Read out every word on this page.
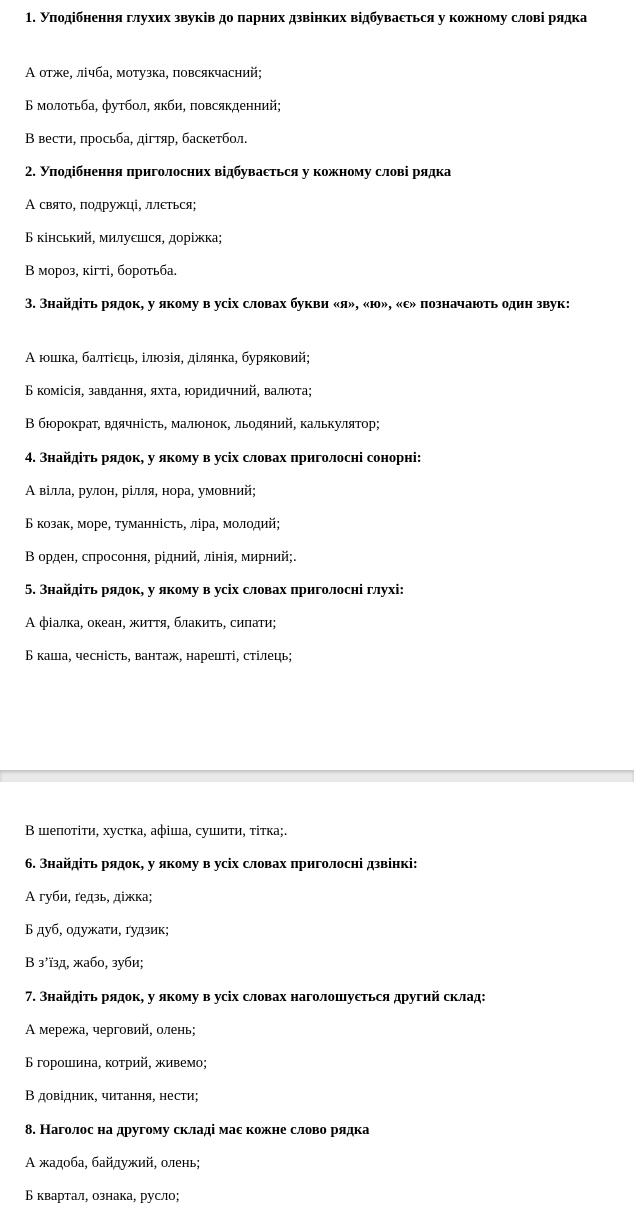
1. Уподібнення глухих звуків до парних дзвінких відбувається у кожному слові рядка
А отже, лічба, мотузка, повсякчасний;
Б молотьба, футбол, якби, повсякденний;
В вести, просьба, дігтяр, баскетбол.
2. Уподібнення приголосних відбувається у кожному слові рядка
А свято, подружці, ллється;
Б кінський, милуєшся, доріжка;
В мороз, кігті, боротьба.
3. Знайдіть рядок, у якому в усіх словах букви «я», «ю», «є» позначають один звук:
А юшка, балтієць, ілюзія, ділянка, буряковий;
Б комісія, завдання, яхта, юридичний, валюта;
В бюрократ, вдячність, малюнок, льодяний, калькулятор;
4. Знайдіть рядок, у якому в усіх словах приголосні сонорні:
А вілла, рулон, рілля, нора, умовний;
Б козак, море, туманність, ліра, молодий;
В орден, спросоння, рідний, лінія, мирний;.
5. Знайдіть рядок, у якому в усіх словах приголосні глухі:
А фіалка, океан, життя, блакить, сипати;
Б каша, чесність, вантаж, нарешті, стілець;
В шепотіти, хустка, афіша, сушити, тітка;.
6. Знайдіть рядок, у якому в усіх словах приголосні дзвінкі:
А губи, ґедзь, діжка;
Б дуб, одужати, ґудзик;
В з’їзд, жабо, зуби;
7. Знайдіть рядок, у якому в усіх словах наголошується другий склад:
А мережа, черговий, олень;
Б горошина, котрий, живемо;
В довідник, читання, нести;
8. Наголос на другому складі має кожне слово рядка
А жадоба, байдужий, олень;
Б квартал, ознака, русло;
